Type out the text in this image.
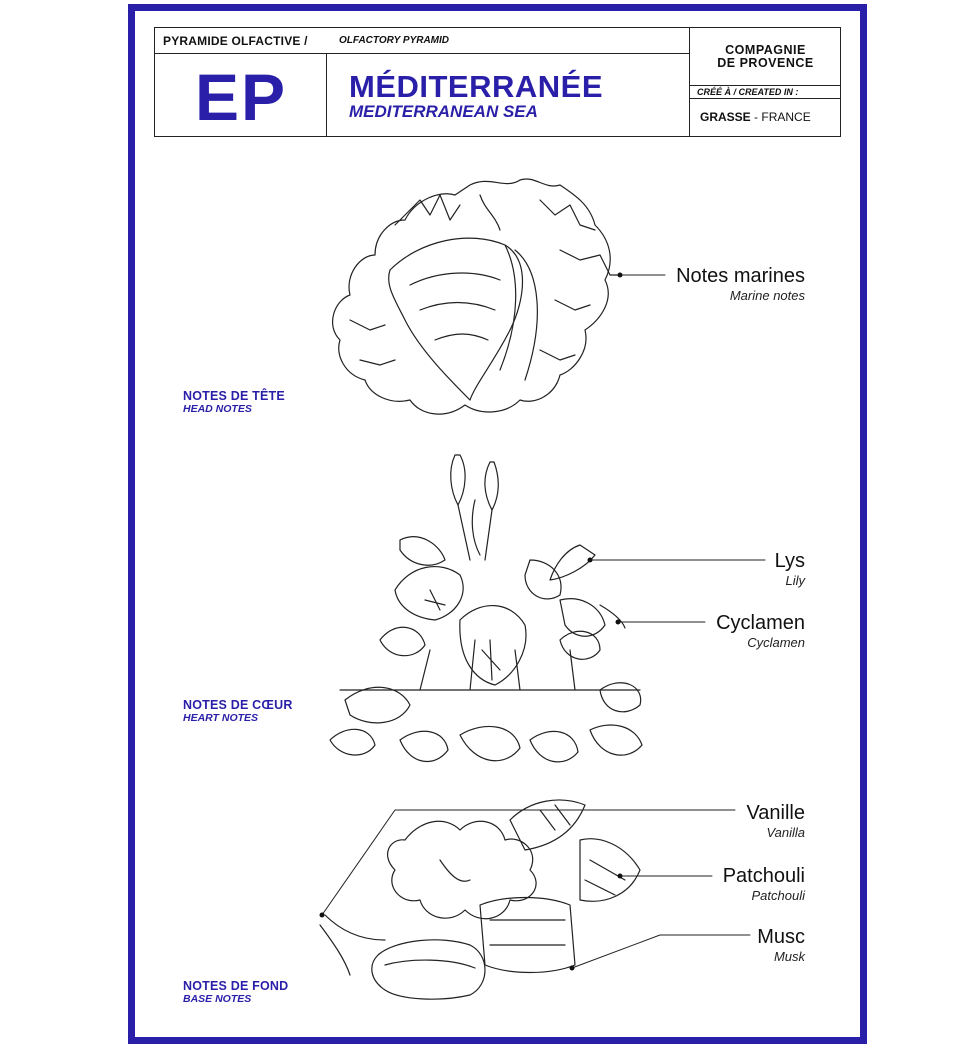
PYRAMIDE OLFACTIVE /	OLFACTORY PYRAMID
EP	MÉDITERRANÉE
MEDITERRANEAN SEA
COMPAGNIE
DE PROVENCE
CRÉÉ À / CREATED IN :
GRASSE - FRANCE
NOTES DE TÊTE
HEAD NOTES
NOTES DE CŒUR
HEART NOTES
NOTES DE FOND
BASE NOTES
Notes marines
Marine notes
Lys
Lily
Cyclamen
Cyclamen
Vanille
Vanilla
Patchouli
Patchouli
Musc
Musk
